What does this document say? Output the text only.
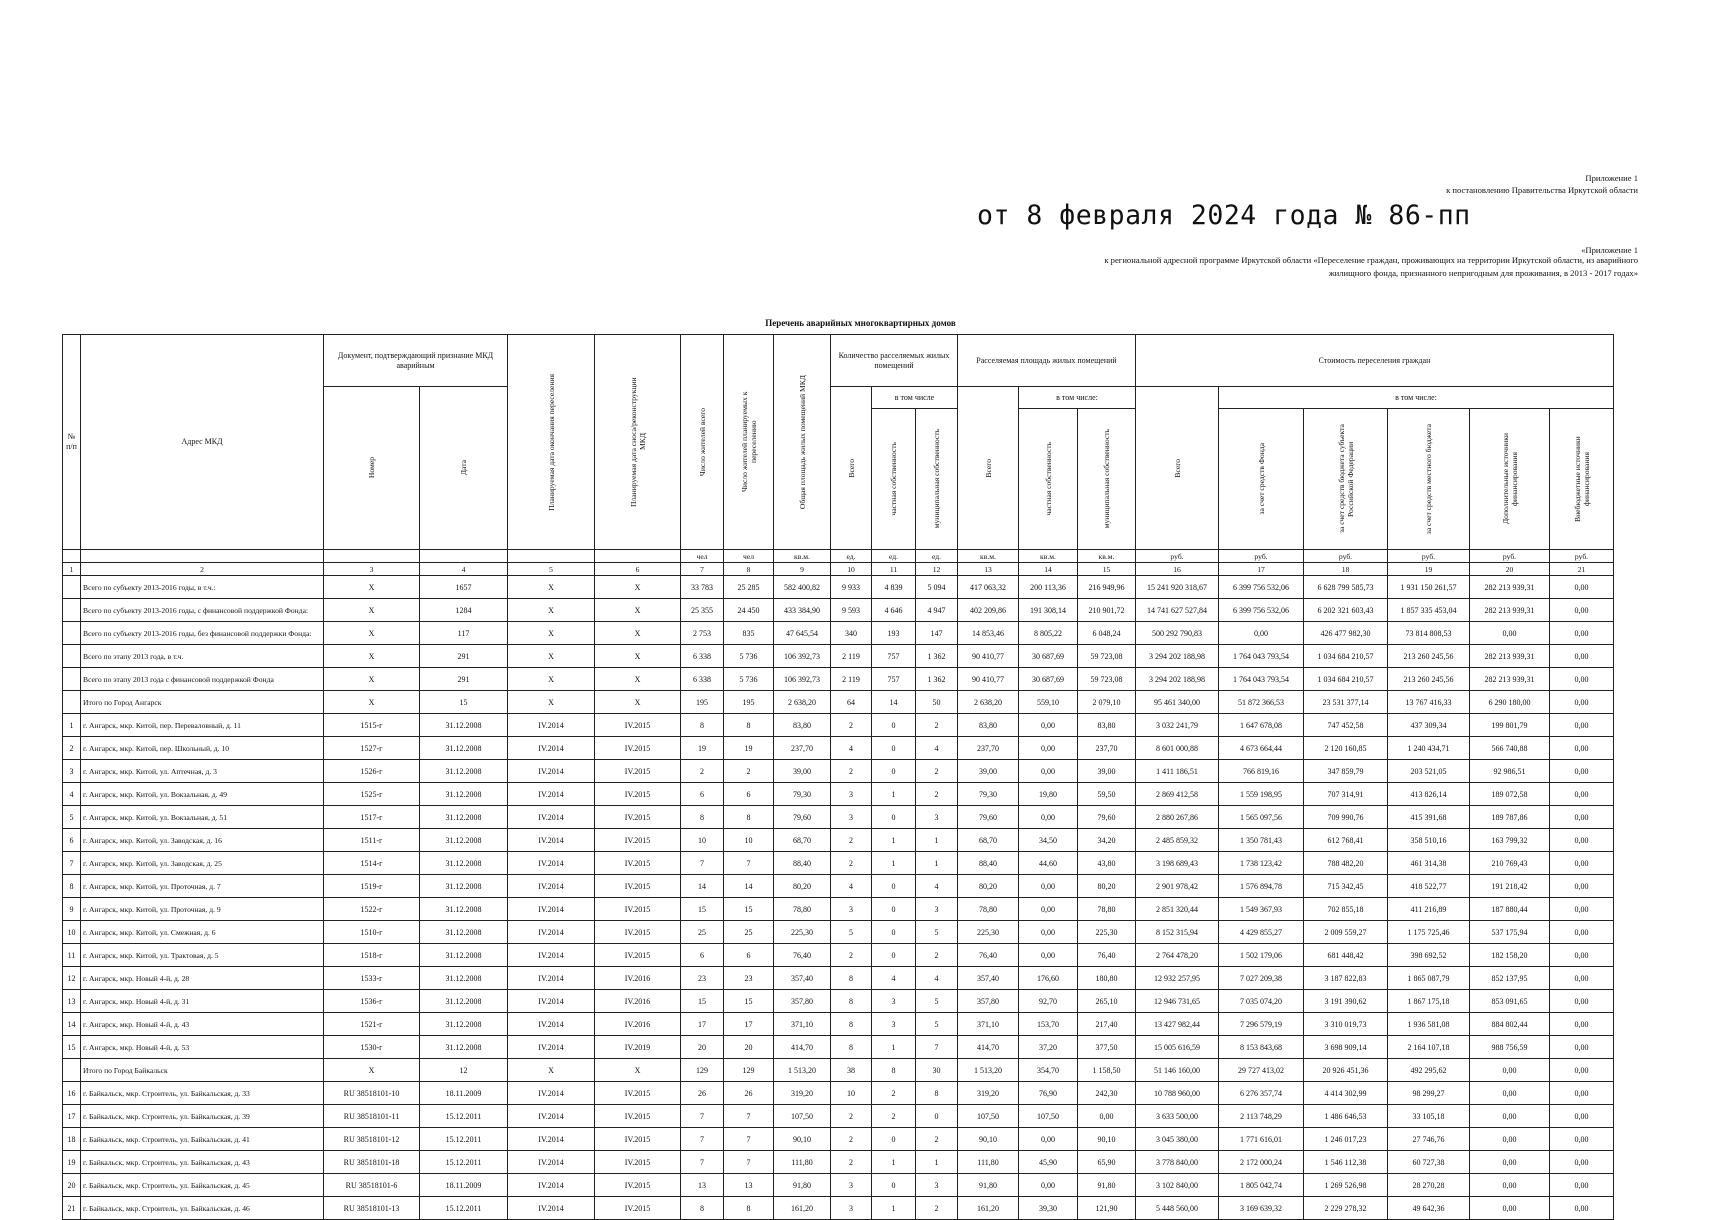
Приложение 1
к постановлению Правительства Иркутской области
от 8 февраля 2024 года № 86-пп
«Приложение 1
к региональной адресной программе Иркутской области «Переселение граждан, проживающих на территории Иркутской области, из аварийного жилищного фонда, признанного непригодным для проживания, в 2013 - 2017 годах»
Перечень аварийных многоквартирных домов
№ п/п	Адрес МКД	Документ, подтверждающий признание МКД аварийным		Планируемая дата окончания переселения	Планируемая дата сноса/реконструкции МКД	Число жителей всего	Число жителей планируемых к переселению	Общая площадь жилых помещений МКД	Количество расселяемых жилых помещений			Расселяемая площадь жилых помещений			Стоимость переселения граждан					

		Номер	Дата						Всего	в том числе		Всего	в том числе:		Всего	в том числе:				

										частная собственность	муниципальная собственность		частная собственность	муниципальная собственность		за счет средств Фонда	за счет средств бюджета субъекта Российской Федерации	за счет средств местного бюджета	Дополнительные источники финансирования	Внебюджетные источники финансирования

						чел	чел	кв.м.	ед.	ед.	ед.	кв.м.	кв.м.	кв.м.	руб.	руб.	руб.	руб.	руб.	руб.
1	2	3	4	5	6	7	8	9	10	11	12	13	14	15	16	17	18	19	20	21
	Всего по субъекту 2013-2016 годы, в т.ч.:	X	1657	X	X	33 783	25 285	582 400,82	9 933	4 839	5 094	417 063,32	200 113,36	216 949,96	15 241 920 318,67	6 399 756 532,06	6 628 799 585,73	1 931 150 261,57	282 213 939,31	0,00
	Всего по субъекту 2013-2016 годы, с финансовой поддержкой Фонда:	X	1284	X	X	25 355	24 450	433 384,90	9 593	4 646	4 947	402 209,86	191 308,14	210 901,72	14 741 627 527,84	6 399 756 532,06	6 202 321 603,43	1 857 335 453,04	282 213 939,31	0,00
	Всего по субъекту 2013-2016 годы, без финансовой поддержки Фонда:	X	117	X	X	2 753	835	47 645,54	340	193	147	14 853,46	8 805,22	6 048,24	500 292 790,83	0,00	426 477 982,30	73 814 808,53	0,00	0,00
	Всего по этапу 2013 года, в т.ч.	X	291	X	X	6 338	5 736	106 392,73	2 119	757	1 362	90 410,77	30 687,69	59 723,08	3 294 202 188,98	1 764 043 793,54	1 034 684 210,57	213 260 245,56	282 213 939,31	0,00
	Всего по этапу 2013 года с финансовой поддержкой Фонда	X	291	X	X	6 338	5 736	106 392,73	2 119	757	1 362	90 410,77	30 687,69	59 723,08	3 294 202 188,98	1 764 043 793,54	1 034 684 210,57	213 260 245,56	282 213 939,31	0,00
	Итого по Город Ангарск	X	15	X	X	195	195	2 638,20	64	14	50	2 638,20	559,10	2 079,10	95 461 340,00	51 872 366,53	23 531 377,14	13 767 416,33	6 290 180,00	0,00
1	г. Ангарск, мкр. Китой, пер. Переваловный, д. 11	1515-г	31.12.2008	IV.2014	IV.2015	8	8	83,80	2	0	2	83,80	0,00	83,80	3 032 241,79	1 647 678,08	747 452,58	437 309,34	199 801,79	0,00
2	г. Ангарск, мкр. Китой, пер. Школьный, д. 10	1527-г	31.12.2008	IV.2014	IV.2015	19	19	237,70	4	0	4	237,70	0,00	237,70	8 601 000,88	4 673 664,44	2 120 160,85	1 240 434,71	566 740,88	0,00
3	г. Ангарск, мкр. Китой, ул. Аптечная, д. 3	1526-г	31.12.2008	IV.2014	IV.2015	2	2	39,00	2	0	2	39,00	0,00	39,00	1 411 186,51	766 819,16	347 859,79	203 521,05	92 986,51	0,00
4	г. Ангарск, мкр. Китой, ул. Вокзальная, д. 49	1525-г	31.12.2008	IV.2014	IV.2015	6	6	79,30	3	1	2	79,30	19,80	59,50	2 869 412,58	1 559 198,95	707 314,91	413 826,14	189 072,58	0,00
5	г. Ангарск, мкр. Китой, ул. Вокзальная, д. 51	1517-г	31.12.2008	IV.2014	IV.2015	8	8	79,60	3	0	3	79,60	0,00	79,60	2 880 267,86	1 565 097,56	709 990,76	415 391,68	189 787,86	0,00
6	г. Ангарск, мкр. Китой, ул. Заводская, д. 16	1511-г	31.12.2008	IV.2014	IV.2015	10	10	68,70	2	1	1	68,70	34,50	34,20	2 485 859,32	1 350 781,43	612 768,41	358 510,16	163 799,32	0,00
7	г. Ангарск, мкр. Китой, ул. Заводская, д. 25	1514-г	31.12.2008	IV.2014	IV.2015	7	7	88,40	2	1	1	88,40	44,60	43,80	3 198 689,43	1 738 123,42	788 482,20	461 314,38	210 769,43	0,00
8	г. Ангарск, мкр. Китой, ул. Проточная, д. 7	1519-г	31.12.2008	IV.2014	IV.2015	14	14	80,20	4	0	4	80,20	0,00	80,20	2 901 978,42	1 576 894,78	715 342,45	418 522,77	191 218,42	0,00
9	г. Ангарск, мкр. Китой, ул. Проточная, д. 9	1522-г	31.12.2008	IV.2014	IV.2015	15	15	78,80	3	0	3	78,80	0,00	78,80	2 851 320,44	1 549 367,93	702 855,18	411 216,89	187 880,44	0,00
10	г. Ангарск, мкр. Китой, ул. Смежная, д. 6	1510-г	31.12.2008	IV.2014	IV.2015	25	25	225,30	5	0	5	225,30	0,00	225,30	8 152 315,94	4 429 855,27	2 009 559,27	1 175 725,46	537 175,94	0,00
11	г. Ангарск, мкр. Китой, ул. Трактовая, д. 5	1518-г	31.12.2008	IV.2014	IV.2015	6	6	76,40	2	0	2	76,40	0,00	76,40	2 764 478,20	1 502 179,06	681 448,42	398 692,52	182 158,20	0,00
12	г. Ангарск, мкр. Новый 4-й, д. 28	1533-г	31.12.2008	IV.2014	IV.2016	23	23	357,40	8	4	4	357,40	176,60	180,80	12 932 257,95	7 027 209,38	3 187 822,83	1 865 087,79	852 137,95	0,00
13	г. Ангарск, мкр. Новый 4-й, д. 31	1536-г	31.12.2008	IV.2014	IV.2016	15	15	357,80	8	3	5	357,80	92,70	265,10	12 946 731,65	7 035 074,20	3 191 390,62	1 867 175,18	853 091,65	0,00
14	г. Ангарск, мкр. Новый 4-й, д. 43	1521-г	31.12.2008	IV.2014	IV.2016	17	17	371,10	8	3	5	371,10	153,70	217,40	13 427 982,44	7 296 579,19	3 310 019,73	1 936 581,08	884 802,44	0,00
15	г. Ангарск, мкр. Новый 4-й, д. 53	1530-г	31.12.2008	IV.2014	IV.2019	20	20	414,70	8	1	7	414,70	37,20	377,50	15 005 616,59	8 153 843,68	3 698 909,14	2 164 107,18	988 756,59	0,00
	Итого по Город Байкальск	X	12	X	X	129	129	1 513,20	38	8	30	1 513,20	354,70	1 158,50	51 146 160,00	29 727 413,02	20 926 451,36	492 295,62	0,00	0,00
16	г. Байкальск, мкр. Строитель, ул. Байкальская, д. 33	RU 38518101-10	18.11.2009	IV.2014	IV.2015	26	26	319,20	10	2	8	319,20	76,90	242,30	10 788 960,00	6 276 357,74	4 414 302,99	98 299,27	0,00	0,00
17	г. Байкальск, мкр. Строитель, ул. Байкальская, д. 39	RU 38518101-11	15.12.2011	IV.2014	IV.2015	7	7	107,50	2	2	0	107,50	107,50	0,00	3 633 500,00	2 113 748,29	1 486 646,53	33 105,18	0,00	0,00
18	г. Байкальск, мкр. Строитель, ул. Байкальская, д. 41	RU 38518101-12	15.12.2011	IV.2014	IV.2015	7	7	90,10	2	0	2	90,10	0,00	90,10	3 045 380,00	1 771 616,01	1 246 017,23	27 746,76	0,00	0,00
19	г. Байкальск, мкр. Строитель, ул. Байкальская, д. 43	RU 38518101-18	15.12.2011	IV.2014	IV.2015	7	7	111,80	2	1	1	111,80	45,90	65,90	3 778 840,00	2 172 000,24	1 546 112,38	60 727,38	0,00	0,00
20	г. Байкальск, мкр. Строитель, ул. Байкальская, д. 45	RU 38518101-6	18.11.2009	IV.2014	IV.2015	13	13	91,80	3	0	3	91,80	0,00	91,80	3 102 840,00	1 805 042,74	1 269 526,98	28 270,28	0,00	0,00
21	г. Байкальск, мкр. Строитель, ул. Байкальская, д. 46	RU 38518101-13	15.12.2011	IV.2014	IV.2015	8	8	161,20	3	1	2	161,20	39,30	121,90	5 448 560,00	3 169 639,32	2 229 278,32	49 642,36	0,00	0,00
